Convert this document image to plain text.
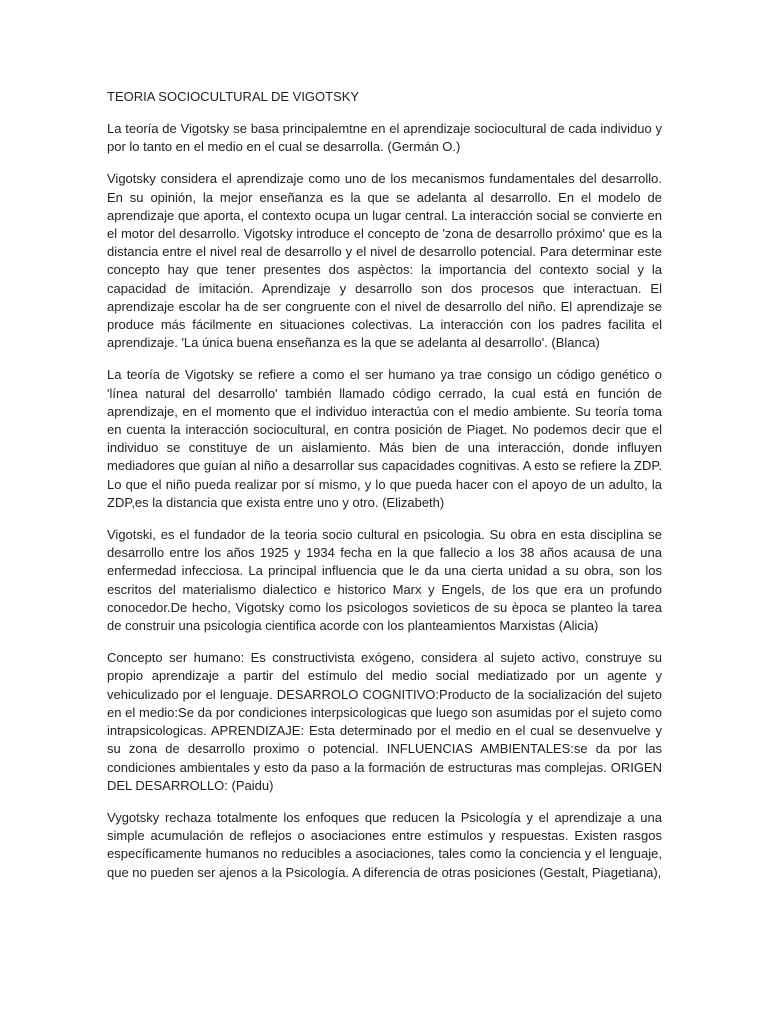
TEORIA SOCIOCULTURAL DE VIGOTSKY

La teoría de Vigotsky se basa principalemtne en el aprendizaje sociocultural de cada individuo y por lo tanto en el medio en el cual se desarrolla. (Germán O.)

Vigotsky considera el aprendizaje como uno de los mecanismos fundamentales del desarrollo. En su opinión, la mejor enseñanza es la que se adelanta al desarrollo. En el modelo de aprendizaje que aporta, el contexto ocupa un lugar central. La interacción social se convierte en el motor del desarrollo. Vigotsky introduce el concepto de 'zona de desarrollo próximo' que es la distancia entre el nivel real de desarrollo y el nivel de desarrollo potencial. Para determinar este concepto hay que tener presentes dos aspèctos: la importancia del contexto social y la capacidad de imitación. Aprendizaje y desarrollo son dos procesos que interactuan. El aprendizaje escolar ha de ser congruente con el nivel de desarrollo del niño. El aprendizaje se produce más fácilmente en situaciones colectivas. La interacción con los padres facilita el aprendizaje. 'La única buena enseñanza es la que se adelanta al desarrollo'. (Blanca)

La teoría de Vigotsky se refiere a como el ser humano ya trae consigo un código genético o 'línea natural del desarrollo' también llamado código cerrado, la cual está en función de aprendizaje, en el momento que el individuo interactúa con el medio ambiente. Su teoría toma en cuenta la interacción sociocultural, en contra posición de Piaget. No podemos decir que el individuo se constituye de un aislamiento. Más bien de una interacción, donde influyen mediadores que guían al niño a desarrollar sus capacidades cognitivas. A esto se refiere la ZDP. Lo que el niño pueda realizar por sí mismo, y lo que pueda hacer con el apoyo de un adulto, la ZDP,es la distancia que exista entre uno y otro. (Elizabeth)

Vigotski, es el fundador de la teoria socio cultural en psicologia. Su obra en esta disciplina se desarrollo entre los años 1925 y 1934 fecha en la que fallecio a los 38 años acausa de una enfermedad infecciosa. La principal influencia que le da una cierta unidad a su obra, son los escritos del materialismo dialectico e historico Marx y Engels, de los que era un profundo conocedor.De hecho, Vigotsky como los psicologos sovieticos de su època se planteo la tarea de construir una psicologia cientifica acorde con los planteamientos Marxistas (Alicia)

Concepto ser humano: Es constructivista exógeno, considera al sujeto activo, construye su propio aprendizaje a partir del estímulo del medio social mediatizado por un agente y vehiculizado por el lenguaje. DESARROLO COGNITIVO:Producto de la socialización del sujeto en el medio:Se da por condiciones interpsicologicas que luego son asumidas por el sujeto como intrapsicologicas. APRENDIZAJE: Esta determinado por el medio en el cual se desenvuelve y su zona de desarrollo proximo o potencial. INFLUENCIAS AMBIENTALES:se da por las condiciones ambientales y esto da paso a la formación de estructuras mas complejas. ORIGEN DEL DESARROLLO: (Paidu)

Vygotsky rechaza totalmente los enfoques que reducen la Psicología y el aprendizaje a una simple acumulación de reflejos o asociaciones entre estímulos y respuestas. Existen rasgos específicamente humanos no reducibles a asociaciones, tales como la conciencia y el lenguaje, que no pueden ser ajenos a la Psicología. A diferencia de otras posiciones (Gestalt, Piagetiana),
